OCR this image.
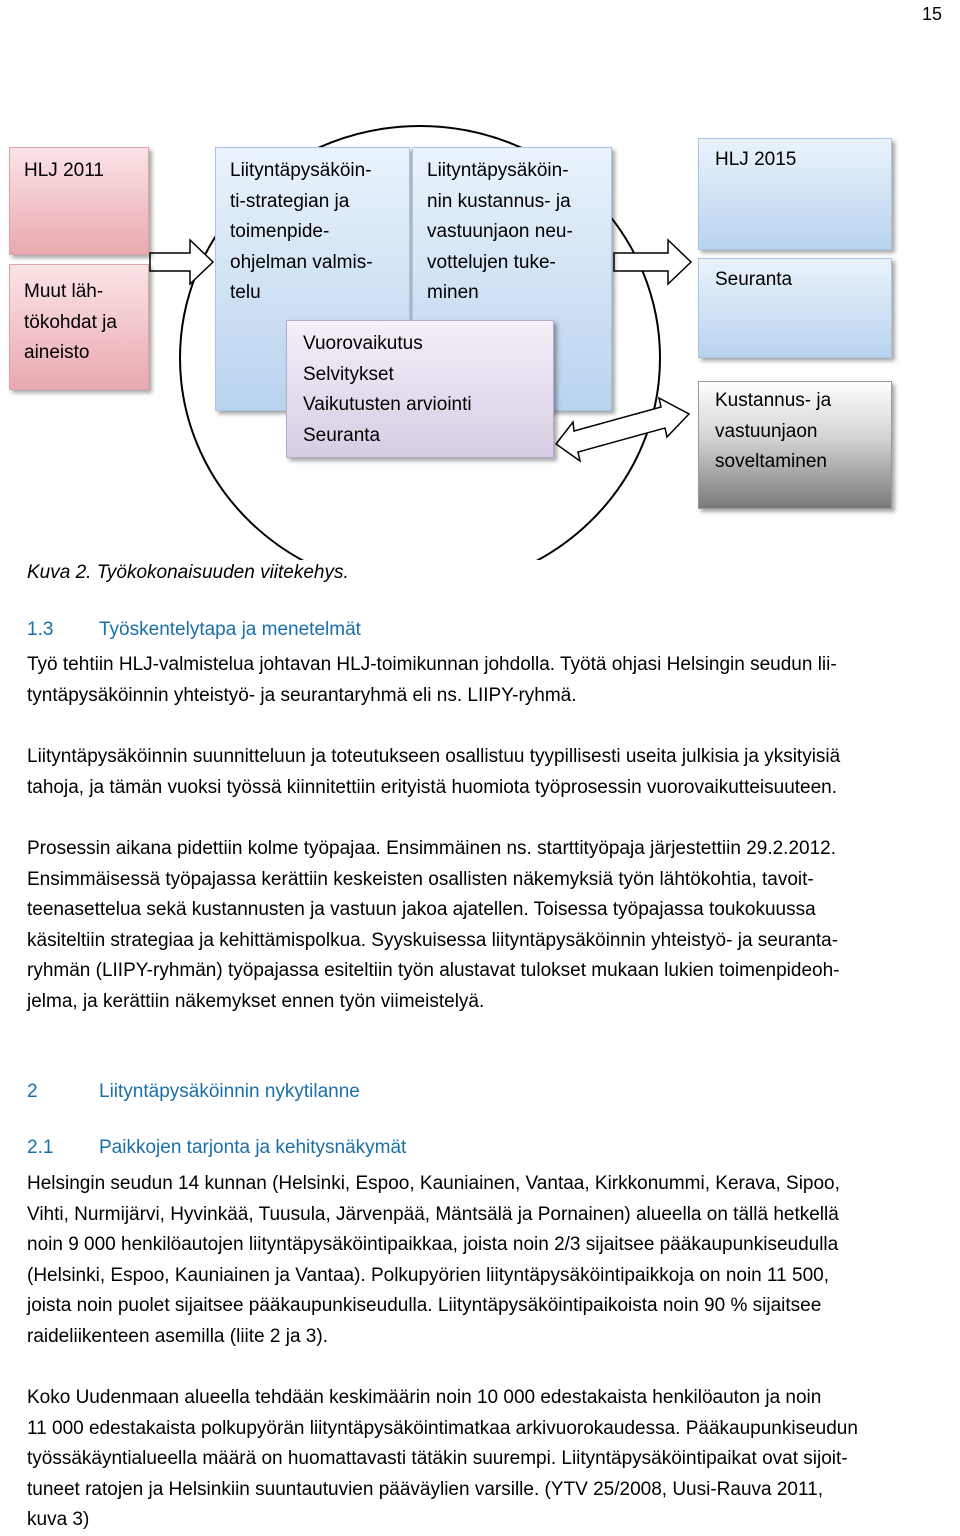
15
HLJ 2011
Muut läh-
tökohdat ja
aineisto
Liityntäpysäköin-
ti-strategian ja
toimenpide-
ohjelman valmis-
telu
Liityntäpysäköin-
nin kustannus- ja
vastuunjaon neu-
vottelujen tuke-
minen
Vuorovaikutus
Selvitykset
Vaikutusten arviointi
Seuranta
HLJ 2015
Seuranta
Kustannus- ja
vastuunjaon
soveltaminen
Kuva 2. Työkokonaisuuden viitekehys.
1.3 Työskentelytapa ja menetelmät
Työ tehtiin HLJ-valmistelua johtavan HLJ-toimikunnan johdolla. Työtä ohjasi Helsingin seudun lii-
tyntäpysäköinnin yhteistyö- ja seurantaryhmä eli ns. LIIPY-ryhmä.
Liityntäpysäköinnin suunnitteluun ja toteutukseen osallistuu tyypillisesti useita julkisia ja yksityisiä
tahoja, ja tämän vuoksi työssä kiinnitettiin erityistä huomiota työprosessin vuorovaikutteisuuteen.
Prosessin aikana pidettiin kolme työpajaa. Ensimmäinen ns. starttityöpaja järjestettiin 29.2.2012.
Ensimmäisessä työpajassa kerättiin keskeisten osallisten näkemyksiä työn lähtökohtia, tavoit-
teenasettelua sekä kustannusten ja vastuun jakoa ajatellen. Toisessa työpajassa toukokuussa
käsiteltiin strategiaa ja kehittämispolkua. Syyskuisessa liityntäpysäköinnin yhteistyö- ja seuranta-
ryhmän (LIIPY-ryhmän) työpajassa esiteltiin työn alustavat tulokset mukaan lukien toimenpideoh-
jelma, ja kerättiin näkemykset ennen työn viimeistelyä.
2	Liityntäpysäköinnin nykytilanne
2.1 Paikkojen tarjonta ja kehitysnäkymät
Helsingin seudun 14 kunnan (Helsinki, Espoo, Kauniainen, Vantaa, Kirkkonummi, Kerava, Sipoo,
Vihti, Nurmijärvi, Hyvinkää, Tuusula, Järvenpää, Mäntsälä ja Pornainen) alueella on tällä hetkellä
noin 9 000 henkilöautojen liityntäpysäköintipaikkaa, joista noin 2/3 sijaitsee pääkaupunkiseudulla
(Helsinki, Espoo, Kauniainen ja Vantaa). Polkupyörien liityntäpysäköintipaikkoja on noin 11 500,
joista noin puolet sijaitsee pääkaupunkiseudulla. Liityntäpysäköintipaikoista noin 90 % sijaitsee
raideliikenteen asemilla (liite 2 ja 3).
Koko Uudenmaan alueella tehdään keskimäärin noin 10 000 edestakaista henkilöauton ja noin
11 000 edestakaista polkupyörän liityntäpysäköintimatkaa arkivuorokaudessa. Pääkaupunkiseudun
työssäkäyntialueella määrä on huomattavasti tätäkin suurempi. Liityntäpysäköintipaikat ovat sijoit-
tuneet ratojen ja Helsinkiin suuntautuvien pääväylien varsille. (YTV 25/2008, Uusi-Rauva 2011,
kuva 3)
